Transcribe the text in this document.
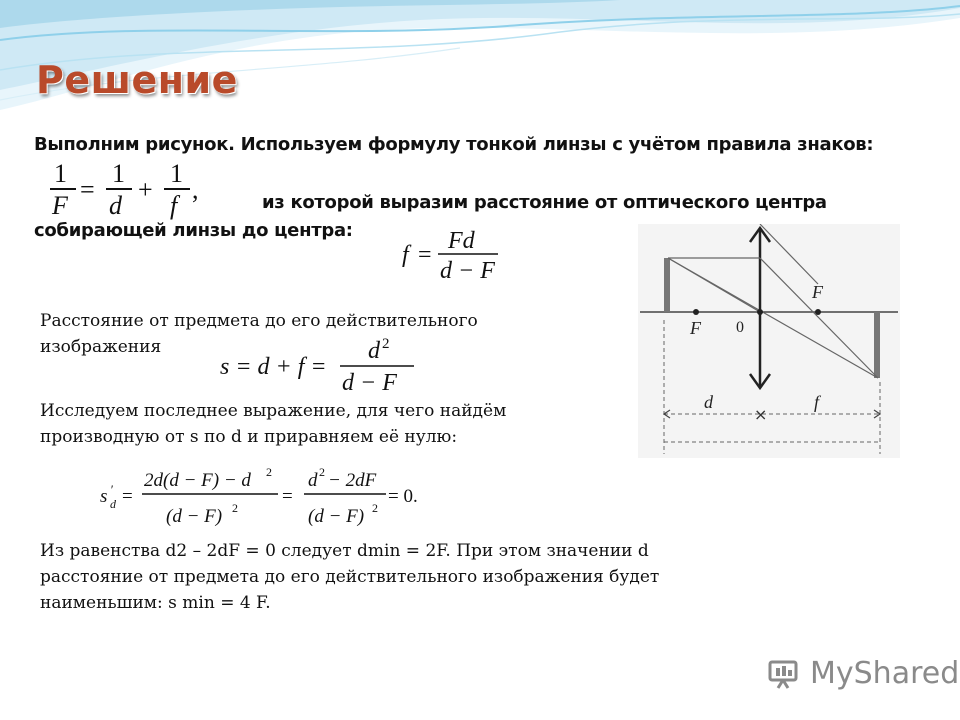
Решение
Выполним рисунок. Используем формулу тонкой линзы с учётом правила знаков:
1
F
=
1
d
+
1
f
,	из которой выразим расстояние от оптического центра
собирающей линзы до центра:
f =
Fd
d − F
Расстояние от предмета до его действительного изображения
s = d + f =
d 2
d − F
Исследуем последнее выражение, для чего найдём производную от s по d и приравняем её нулю:
s ′
d =
2d(d − F) − d 2
(d − F) 2
=
d 2 − 2dF
(d − F) 2
= 0.
Из равенства d2 – 2dF = 0 следует dmin = 2F. При этом значении d расстояние от предмета до его действительного изображения будет наименьшим: s min = 4 F.
F
F
d	f
0
×
MyShared
